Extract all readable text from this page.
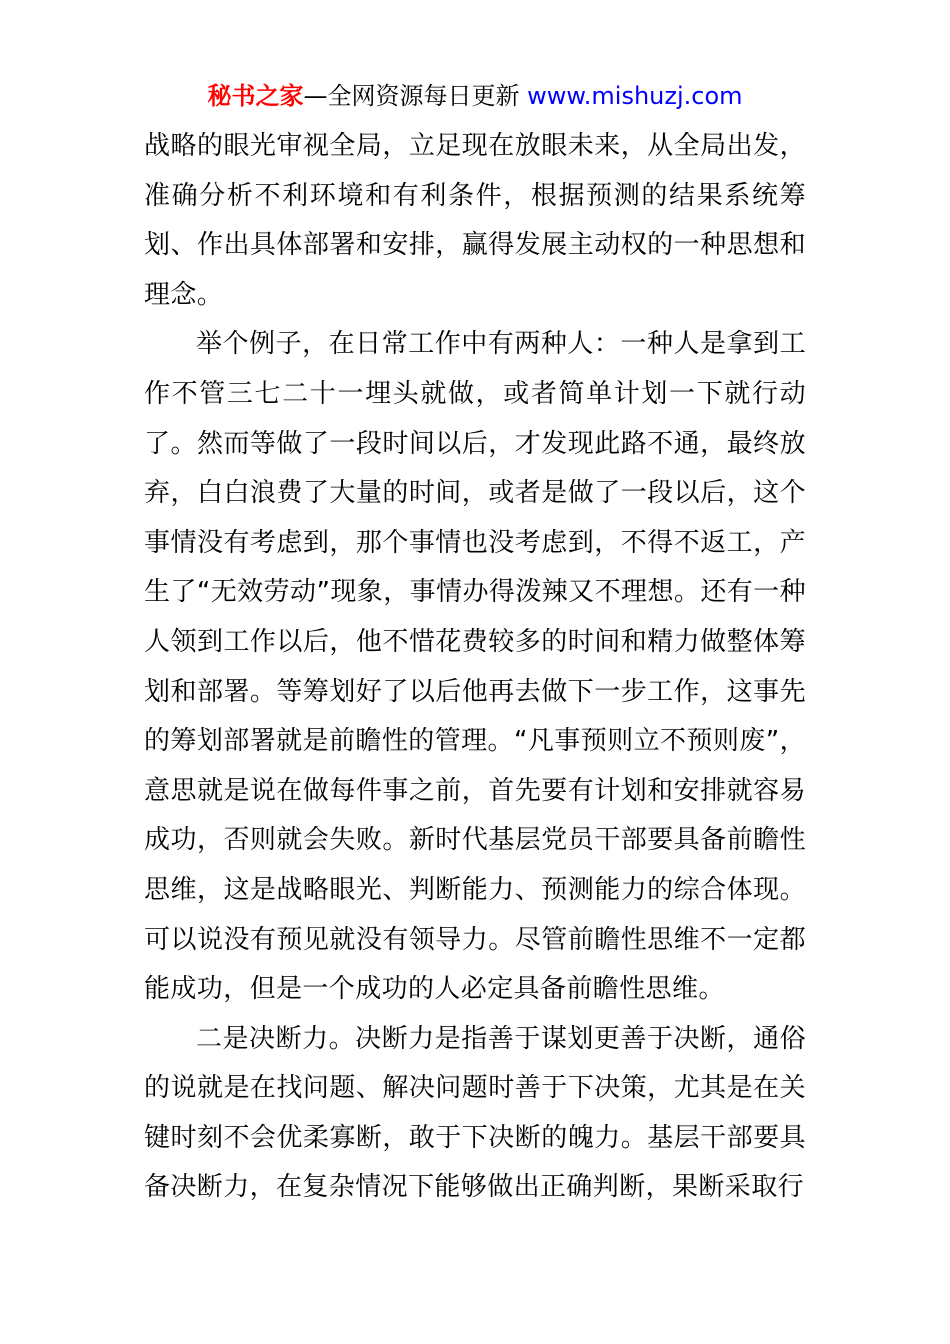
秘书之家—全网资源每日更新 www.mishuzj.com

战略的眼光审视全局，立足现在放眼未来，从全局出发，准确分析不利环境和有利条件，根据预测的结果系统筹划、作出具体部署和安排，赢得发展主动权的一种思想和理念。

举个例子，在日常工作中有两种人：一种人是拿到工作不管三七二十一埋头就做，或者简单计划一下就行动了。然而等做了一段时间以后，才发现此路不通，最终放弃，白白浪费了大量的时间，或者是做了一段以后，这个事情没有考虑到，那个事情也没考虑到，不得不返工，产生了“无效劳动”现象，事情办得泼辣又不理想。还有一种人领到工作以后，他不惜花费较多的时间和精力做整体筹划和部署。等筹划好了以后他再去做下一步工作，这事先的筹划部署就是前瞻性的管理。“凡事预则立不预则废”，意思就是说在做每件事之前，首先要有计划和安排就容易成功，否则就会失败。新时代基层党员干部要具备前瞻性思维，这是战略眼光、判断能力、预测能力的综合体现。可以说没有预见就没有领导力。尽管前瞻性思维不一定都能成功，但是一个成功的人必定具备前瞻性思维。

二是决断力。决断力是指善于谋划更善于决断，通俗的说就是在找问题、解决问题时善于下决策，尤其是在关键时刻不会优柔寡断，敢于下决断的魄力。基层干部要具备决断力，在复杂情况下能够做出正确判断，果断采取行
